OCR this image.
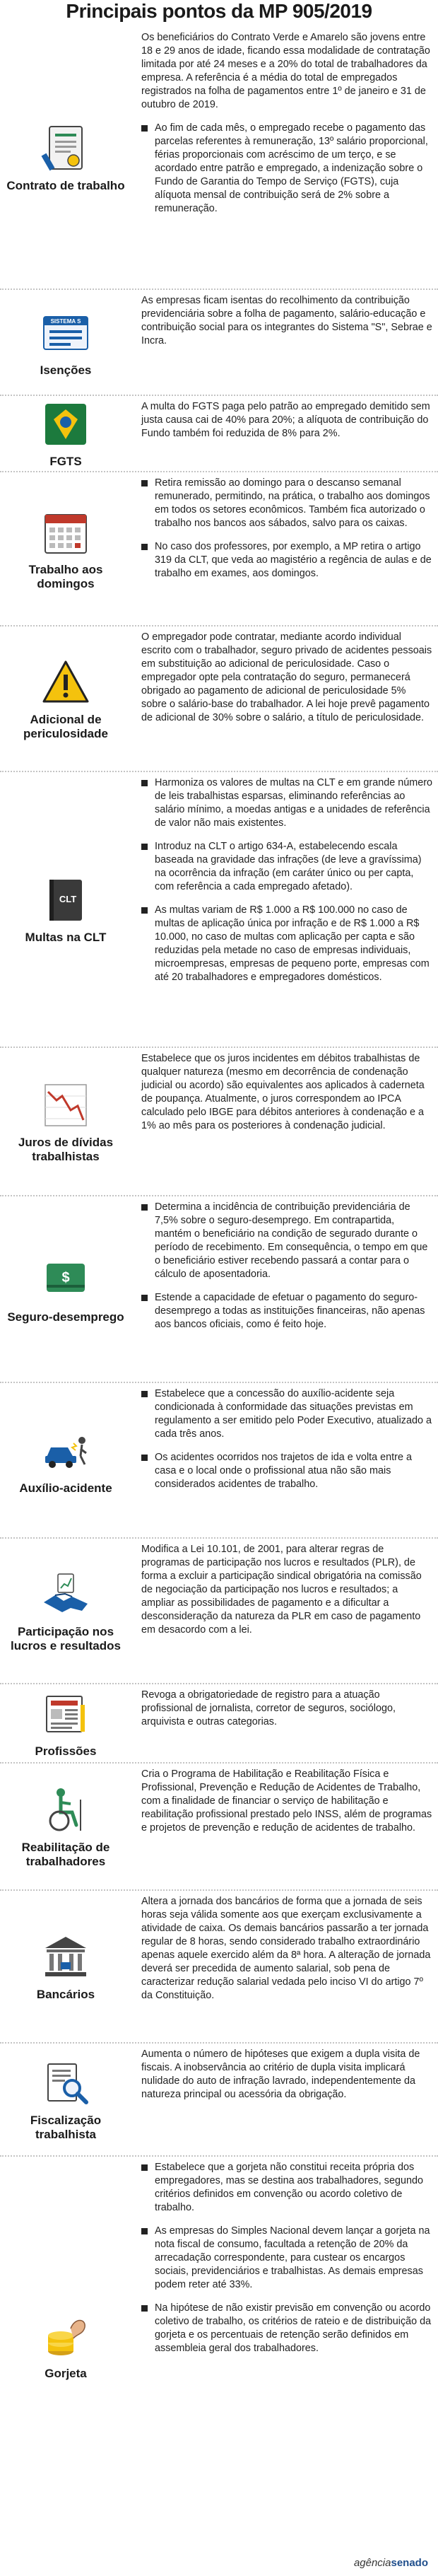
Principais pontos da MP 905/2019
Contrato de trabalho

Os beneficiários do Contrato Verde e Amarelo são jovens entre 18 e 29 anos de idade, ficando essa modalidade de contratação limitada por até 24 meses e a 20% do total de trabalhadores da empresa. A referência é a média do total de empregados registrados na folha de pagamentos entre 1º de janeiro e 31 de outubro de 2019.

Ao fim de cada mês, o empregado recebe o pagamento das parcelas referentes à remuneração, 13º salário proporcional, férias proporcionais com acréscimo de um terço, e se acordado entre patrão e empregado, a indenização sobre o Fundo de Garantia do Tempo de Serviço (FGTS), cuja alíquota mensal de contribuição será de 2% sobre a remuneração.
SISTEMA S
Isenções

As empresas ficam isentas do recolhimento da contribuição previdenciária sobre a folha de pagamento, salário-educação e contribuição social para os integrantes do Sistema "S", Sebrae e Incra.

FGTS

A multa do FGTS paga pelo patrão ao empregado demitido sem justa causa cai de 40% para 20%; a alíquota de contribuição do Fundo também foi reduzida de 8% para 2%.

Trabalho aos domingos
Retira remissão ao domingo para o descanso semanal remunerado, permitindo, na prática, o trabalho aos domingos em todos os setores econômicos. Também fica autorizado o trabalho nos bancos aos sábados, salvo para os caixas.
No caso dos professores, por exemplo, a MP retira o artigo 319 da CLT, que veda ao magistério a regência de aulas e de trabalho em exames, aos domingos.
Adicional de periculosidade

O empregador pode contratar, mediante acordo individual escrito com o trabalhador, seguro privado de acidentes pessoais em substituição ao adicional de periculosidade. Caso o empregador opte pela contratação do seguro, permanecerá obrigado ao pagamento de adicional de periculosidade 5% sobre o salário-base do trabalhador. A lei hoje prevê pagamento de adicional de 30% sobre o salário, a título de periculosidade.

CLT
Multas na CLT
Harmoniza os valores de multas na CLT e em grande número de leis trabalhistas esparsas, eliminando referências ao salário mínimo, a moedas antigas e a unidades de referência de valor não mais existentes.
Introduz na CLT o artigo 634-A, estabelecendo escala baseada na gravidade das infrações (de leve a gravíssima) na ocorrência da infração (em caráter único ou per capta, com referência a cada empregado afetado).
As multas variam de R$ 1.000 a R$ 100.000 no caso de multas de aplicação única por infração e de R$ 1.000 a R$ 10.000, no caso de multas com aplicação per capta e são reduzidas pela metade no caso de empresas individuais, microempresas, empresas de pequeno porte, empresas com até 20 trabalhadores e empregadores domésticos.
Juros de dívidas trabalhistas

Estabelece que os juros incidentes em débitos trabalhistas de qualquer natureza (mesmo em decorrência de condenação judicial ou acordo) são equivalentes aos aplicados à caderneta de poupança. Atualmente, o juros correspondem ao IPCA calculado pelo IBGE para débitos anteriores à condenação e a 1% ao mês para os posteriores à condenação judicial.

$
Seguro-desemprego
Determina a incidência de contribuição previdenciária de 7,5% sobre o seguro-desemprego. Em contrapartida, mantém o beneficiário na condição de segurado durante o período de recebimento. Em consequência, o tempo em que o beneficiário estiver recebendo passará a contar para o cálculo de aposentadoria.
Estende a capacidade de efetuar o pagamento do seguro-desemprego a todas as instituições financeiras, não apenas aos bancos oficiais, como é feito hoje.
Auxílio-acidente
Estabelece que a concessão do auxílio-acidente seja condicionada à conformidade das situações previstas em regulamento a ser emitido pelo Poder Executivo, atualizado a cada três anos.
Os acidentes ocorridos nos trajetos de ida e volta entre a casa e o local onde o profissional atua não são mais considerados acidentes de trabalho.
Participação nos lucros e resultados

Modifica a Lei 10.101, de 2001, para alterar regras de programas de participação nos lucros e resultados (PLR), de forma a excluir a participação sindical obrigatória na comissão de negociação da participação nos lucros e resultados; a ampliar as possibilidades de pagamento e a dificultar a desconsideração da natureza da PLR em caso de pagamento em desacordo com a lei.

Profissões

Revoga a obrigatoriedade de registro para a atuação profissional de jornalista, corretor de seguros, sociólogo, arquivista e outras categorias.

Reabilitação de trabalhadores

Cria o Programa de Habilitação e Reabilitação Física e Profissional, Prevenção e Redução de Acidentes de Trabalho, com a finalidade de financiar o serviço de habilitação e reabilitação profissional prestado pelo INSS, além de programas e projetos de prevenção e redução de acidentes de trabalho.

Bancários

Altera a jornada dos bancários de forma que a jornada de seis horas seja válida somente aos que exerçam exclusivamente a atividade de caixa. Os demais bancários passarão a ter jornada regular de 8 horas, sendo considerado trabalho extraordinário apenas aquele exercido além da 8ª hora. A alteração de jornada deverá ser precedida de aumento salarial, sob pena de caracterizar redução salarial vedada pelo inciso VI do artigo 7º da Constituição.

Fiscalização trabalhista

Aumenta o número de hipóteses que exigem a dupla visita de fiscais. A inobservância ao critério de dupla visita implicará nulidade do auto de infração lavrado, independentemente da natureza principal ou acessória da obrigação.

Gorjeta
Estabelece que a gorjeta não constitui receita própria dos empregadores, mas se destina aos trabalhadores, segundo critérios definidos em convenção ou acordo coletivo de trabalho.
As empresas do Simples Nacional devem lançar a gorjeta na nota fiscal de consumo, facultada a retenção de 20% da arrecadação correspondente, para custear os encargos sociais, previdenciários e trabalhistas. As demais empresas podem reter até 33%.
Na hipótese de não existir previsão em convenção ou acordo coletivo de trabalho, os critérios de rateio e de distribuição da gorjeta e os percentuais de retenção serão definidos em assembleia geral dos trabalhadores.
agênciasenado
